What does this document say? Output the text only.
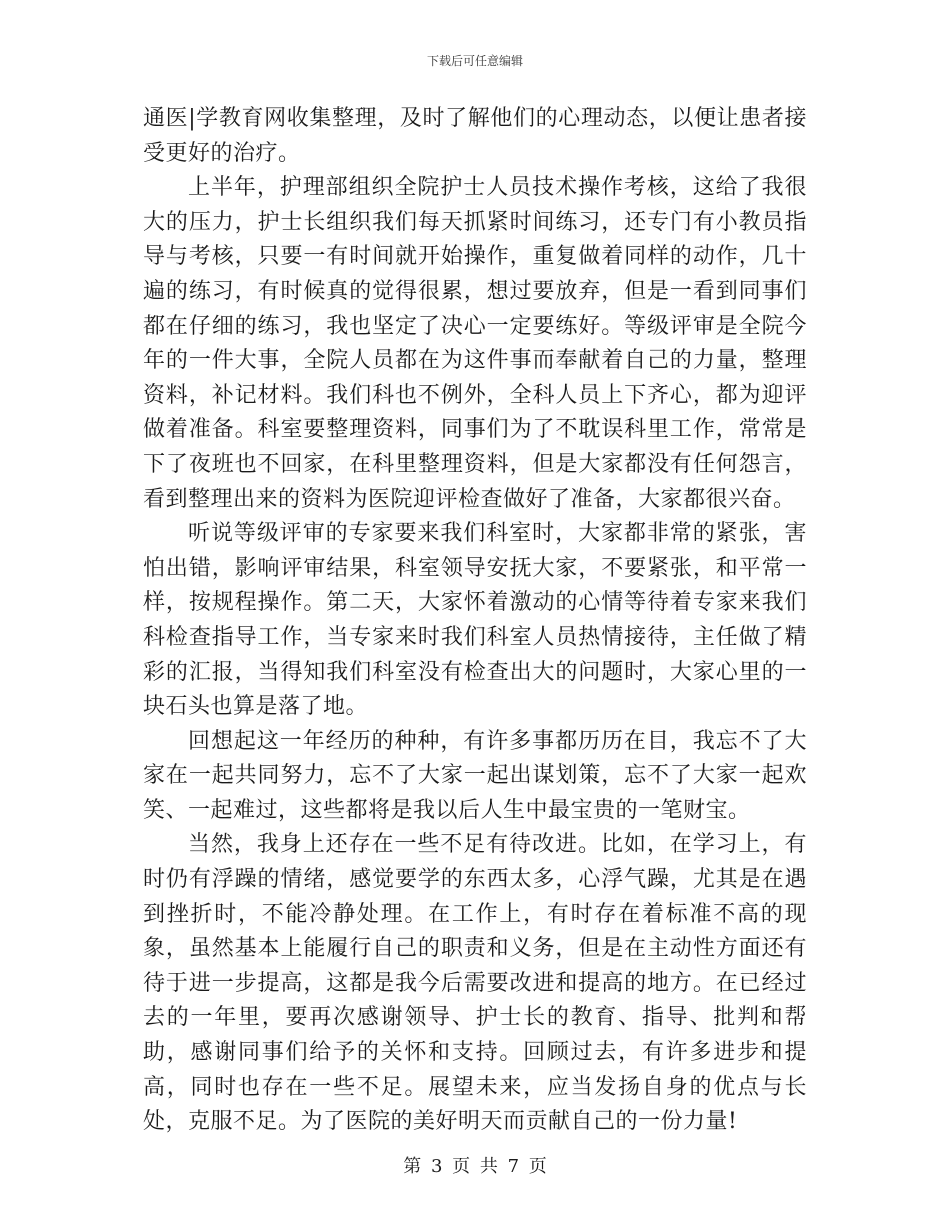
下载后可任意编辑

通医|学教育网收集整理，及时了解他们的心理动态，以便让患者接受更好的治疗。

上半年，护理部组织全院护士人员技术操作考核，这给了我很大的压力，护士长组织我们每天抓紧时间练习，还专门有小教员指导与考核，只要一有时间就开始操作，重复做着同样的动作，几十遍的练习，有时候真的觉得很累，想过要放弃，但是一看到同事们都在仔细的练习，我也坚定了决心一定要练好。等级评审是全院今年的一件大事，全院人员都在为这件事而奉献着自己的力量，整理资料，补记材料。我们科也不例外，全科人员上下齐心，都为迎评做着准备。科室要整理资料，同事们为了不耽误科里工作，常常是下了夜班也不回家，在科里整理资料，但是大家都没有任何怨言，看到整理出来的资料为医院迎评检查做好了准备，大家都很兴奋。

听说等级评审的专家要来我们科室时，大家都非常的紧张，害怕出错，影响评审结果，科室领导安抚大家，不要紧张，和平常一样，按规程操作。第二天，大家怀着激动的心情等待着专家来我们科检查指导工作，当专家来时我们科室人员热情接待，主任做了精彩的汇报，当得知我们科室没有检查出大的问题时，大家心里的一块石头也算是落了地。

回想起这一年经历的种种，有许多事都历历在目，我忘不了大家在一起共同努力，忘不了大家一起出谋划策，忘不了大家一起欢笑、一起难过，这些都将是我以后人生中最宝贵的一笔财宝。

当然，我身上还存在一些不足有待改进。比如，在学习上，有时仍有浮躁的情绪，感觉要学的东西太多，心浮气躁，尤其是在遇到挫折时，不能冷静处理。在工作上，有时存在着标准不高的现象，虽然基本上能履行自己的职责和义务，但是在主动性方面还有待于进一步提高，这都是我今后需要改进和提高的地方。在已经过去的一年里，要再次感谢领导、护士长的教育、指导、批判和帮助，感谢同事们给予的关怀和支持。回顾过去，有许多进步和提高，同时也存在一些不足。展望未来，应当发扬自身的优点与长处，克服不足。为了医院的美好明天而贡献自己的一份力量!

第 3 页 共 7 页
